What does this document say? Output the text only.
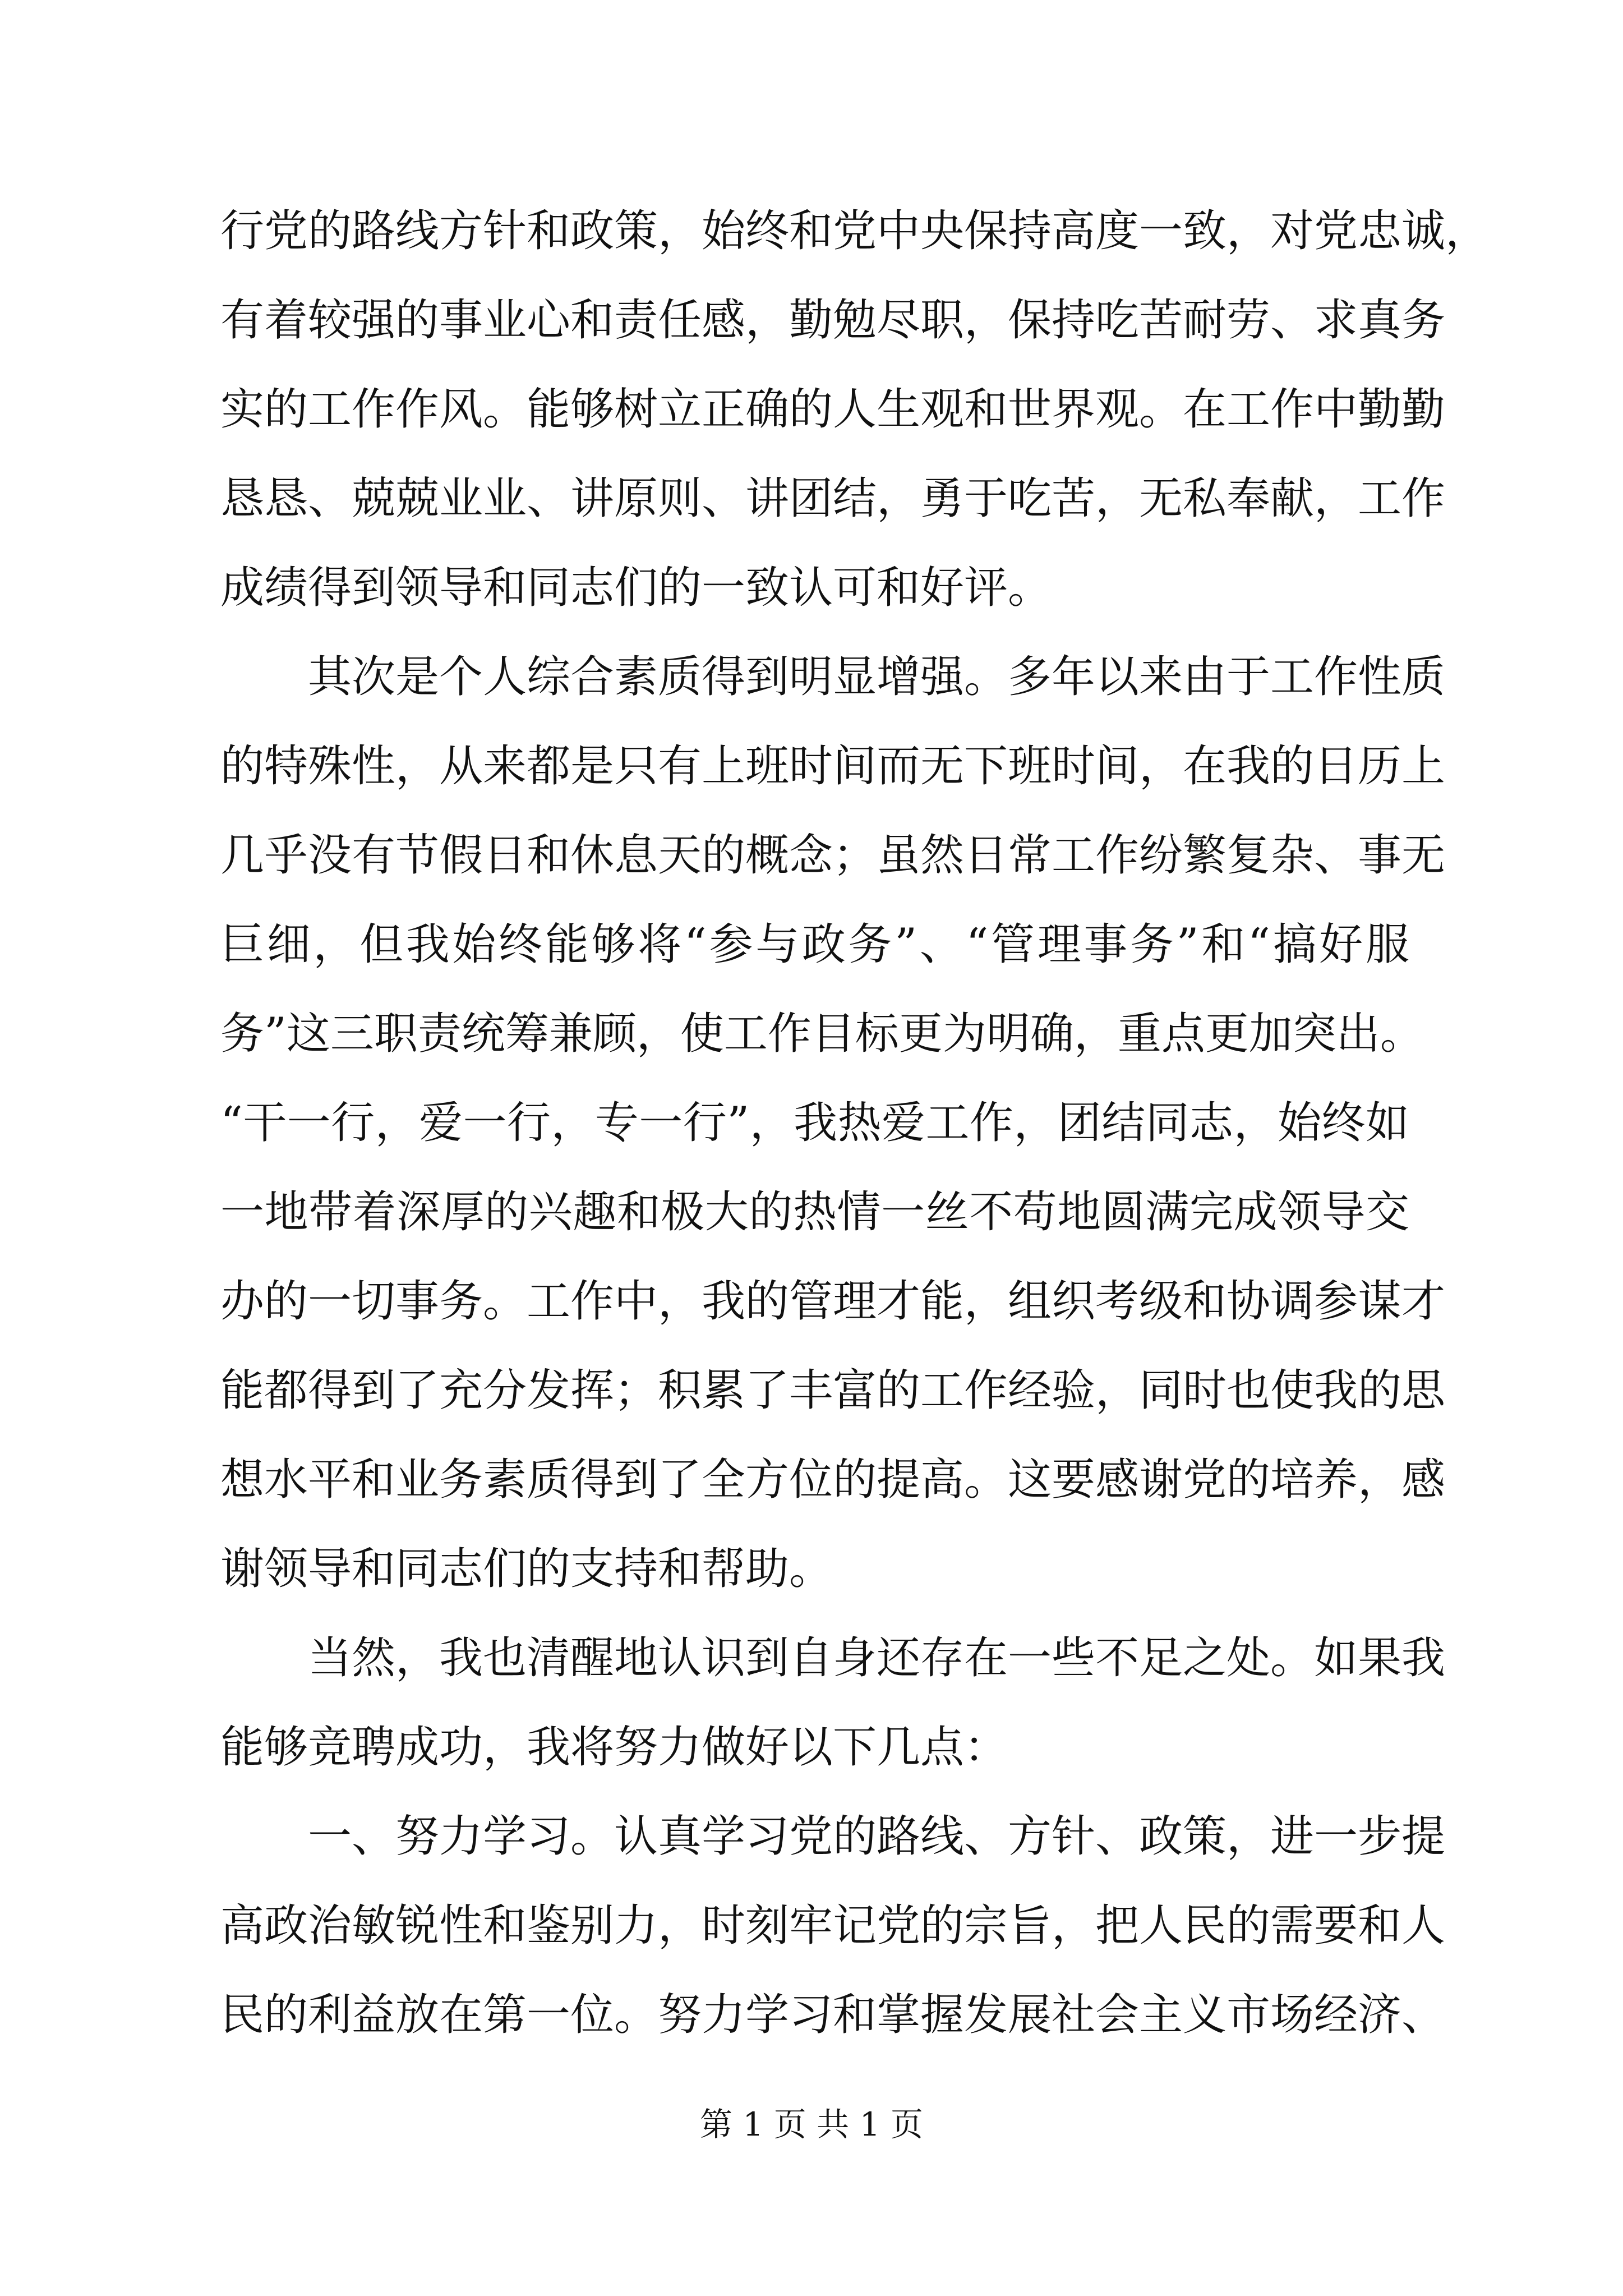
行党的路线方针和政策，始终和党中央保持高度一致，对党忠诚，
有着较强的事业心和责任感，勤勉尽职，保持吃苦耐劳、求真务
实的工作作风。能够树立正确的人生观和世界观。在工作中勤勤
恳恳、兢兢业业、讲原则、讲团结，勇于吃苦，无私奉献，工作
成绩得到领导和同志们的一致认可和好评。
其次是个人综合素质得到明显增强。多年以来由于工作性质
的特殊性，从来都是只有上班时间而无下班时间，在我的日历上
几乎没有节假日和休息天的概念；虽然日常工作纷繁复杂、事无
巨细，但我始终能够将“参与政务”、“管理事务”和“搞好服
务”这三职责统筹兼顾，使工作目标更为明确，重点更加突出。
“干一行，爱一行，专一行”，我热爱工作，团结同志，始终如
一地带着深厚的兴趣和极大的热情一丝不苟地圆满完成领导交
办的一切事务。工作中，我的管理才能，组织考级和协调参谋才
能都得到了充分发挥；积累了丰富的工作经验，同时也使我的思
想水平和业务素质得到了全方位的提高。这要感谢党的培养，感
谢领导和同志们的支持和帮助。
当然，我也清醒地认识到自身还存在一些不足之处。如果我
能够竞聘成功，我将努力做好以下几点：
一、努力学习。认真学习党的路线、方针、政策，进一步提
高政治敏锐性和鉴别力，时刻牢记党的宗旨，把人民的需要和人
民的利益放在第一位。努力学习和掌握发展社会主义市场经济、
第 1 页 共 1 页
